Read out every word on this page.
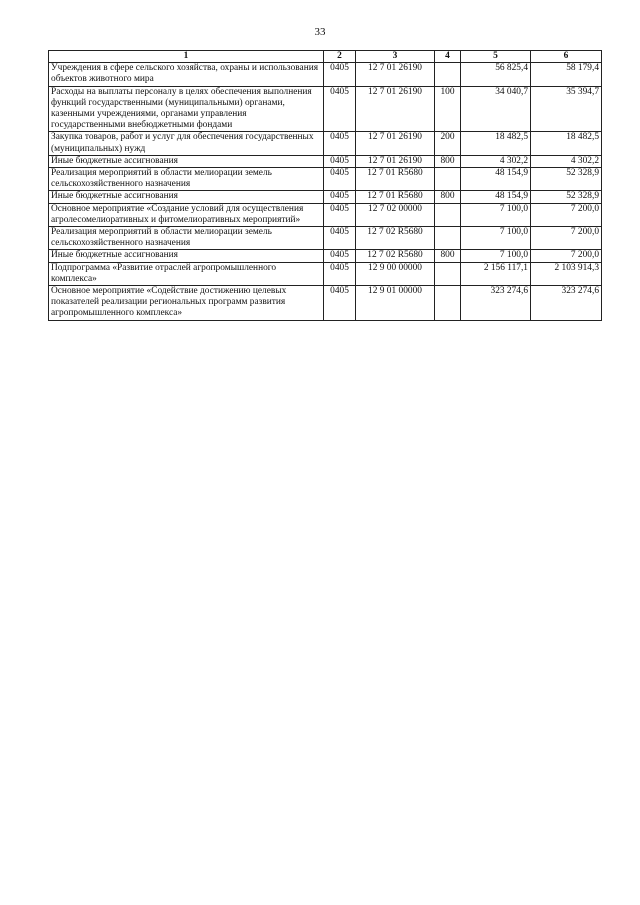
33
1	2	3	4	5	6
Учреждения в сфере сельского хозяйства, охраны и использования объектов животного мира	0405	12 7 01 26190		56 825,4	58 179,4
Расходы на выплаты персоналу в целях обеспечения выполнения функций государственными (муниципальными) органами, казенными учреждениями, органами управления государственными внебюджетными фондами	0405	12 7 01 26190	100	34 040,7	35 394,7
Закупка товаров, работ и услуг для обеспечения государственных (муниципальных) нужд	0405	12 7 01 26190	200	18 482,5	18 482,5
Иные бюджетные ассигнования	0405	12 7 01 26190	800	4 302,2	4 302,2
Реализация мероприятий в области мелиорации земель сельскохозяйственного назначения	0405	12 7 01 R5680		48 154,9	52 328,9
Иные бюджетные ассигнования	0405	12 7 01 R5680	800	48 154,9	52 328,9
Основное мероприятие «Создание условий для осуществления агролесомелиоративных и фитомелиоративных мероприятий»	0405	12 7 02 00000		7 100,0	7 200,0
Реализация мероприятий в области мелиорации земель сельскохозяйственного назначения	0405	12 7 02 R5680		7 100,0	7 200,0
Иные бюджетные ассигнования	0405	12 7 02 R5680	800	7 100,0	7 200,0
Подпрограмма «Развитие отраслей агропромышленного комплекса»	0405	12 9 00 00000		2 156 117,1	2 103 914,3
Основное мероприятие «Содействие достижению целевых показателей реализации региональных программ развития агропромышленного комплекса»	0405	12 9 01 00000		323 274,6	323 274,6
